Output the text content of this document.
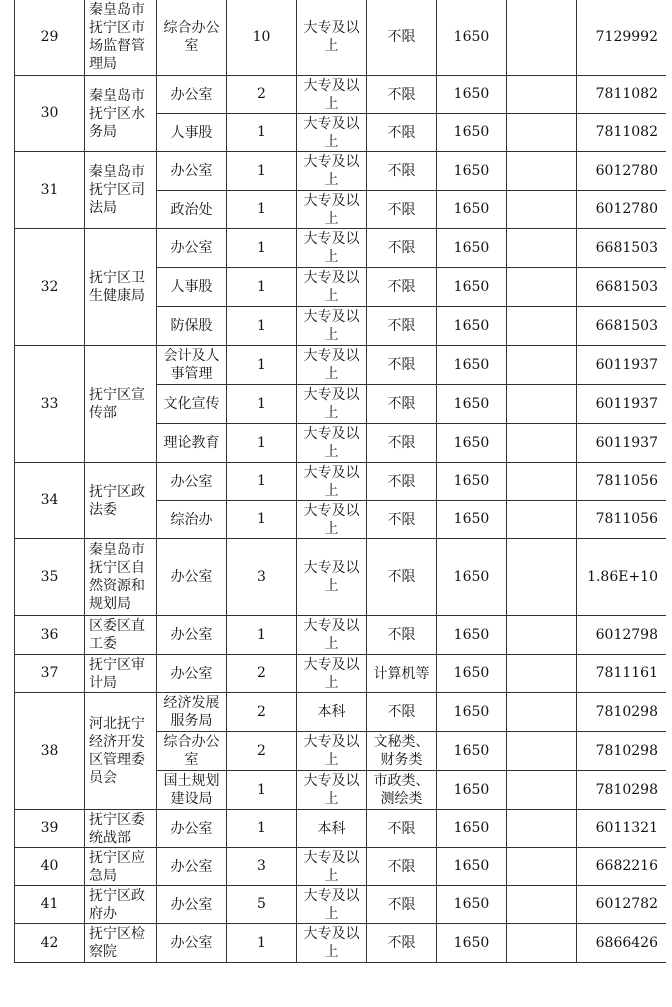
29	秦皇岛市抚宁区市场监督管理局	综合办公室	10	大专及以上	不限	1650		7129992
30	秦皇岛市抚宁区水务局	办公室	2	大专及以上	不限	1650		7811082
		人事股	1	大专及以上	不限	1650		7811082
31	秦皇岛市抚宁区司法局	办公室	1	大专及以上	不限	1650		6012780
		政治处	1	大专及以上	不限	1650		6012780
32	抚宁区卫生健康局	办公室	1	大专及以上	不限	1650		6681503
		人事股	1	大专及以上	不限	1650		6681503
		防保股	1	大专及以上	不限	1650		6681503
33	抚宁区宣传部	会计及人事管理	1	大专及以上	不限	1650		6011937
		文化宣传	1	大专及以上	不限	1650		6011937
		理论教育	1	大专及以上	不限	1650		6011937
34	抚宁区政法委	办公室	1	大专及以上	不限	1650		7811056
		综治办	1	大专及以上	不限	1650		7811056
35	秦皇岛市抚宁区自然资源和规划局	办公室	3	大专及以上	不限	1650		1.86E+10
36	区委区直工委	办公室	1	大专及以上	不限	1650		6012798
37	抚宁区审计局	办公室	2	大专及以上	计算机等	1650		7811161
38	河北抚宁经济开发区管理委员会	经济发展服务局	2	本科	不限	1650		7810298
		综合办公室	2	大专及以上	文秘类、财务类	1650		7810298
		国土规划建设局	1	大专及以上	市政类、测绘类	1650		7810298
39	抚宁区委统战部	办公室	1	本科	不限	1650		6011321
40	抚宁区应急局	办公室	3	大专及以上	不限	1650		6682216
41	抚宁区政府办	办公室	5	大专及以上	不限	1650		6012782
42	抚宁区检察院	办公室	1	大专及以上	不限	1650		6866426
